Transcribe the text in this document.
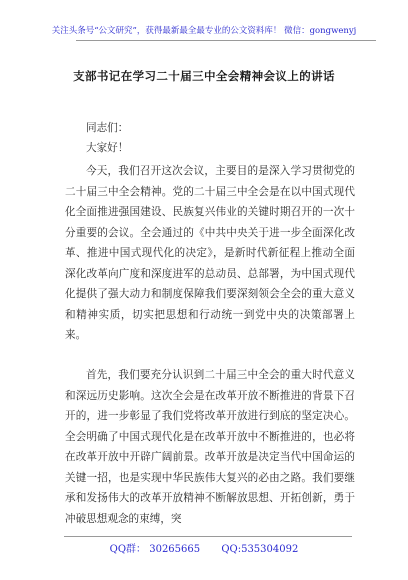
关注头条号“公文研究”，获得最新最全最专业的公文资料库！ 微信：gongwenyj
支部书记在学习二十届三中全会精神会议上的讲话
同志们：
大家好！

今天，我们召开这次会议，主要目的是深入学习贯彻党的二十届三中全会精神。党的二十届三中全会是在以中国式现代化全面推进强国建设、民族复兴伟业的关键时期召开的一次十分重要的会议。全会通过的《中共中央关于进一步全面深化改革、推进中国式现代化的决定》，是新时代新征程上推动全面深化改革向广度和深度进军的总动员、总部署，为中国式现代化提供了强大动力和制度保障我们要深刻领会全会的重大意义和精神实质，切实把思想和行动统一到党中央的决策部署上来。

首先，我们要充分认识到二十届三中全会的重大时代意义和深远历史影响。这次全会是在改革开放不断推进的背景下召开的，进一步彰显了我们党将改革开放进行到底的坚定决心。全会明确了中国式现代化是在改革开放中不断推进的，也必将在改革开放中开辟广阔前景。改革开放是决定当代中国命运的关键一招，也是实现中华民族伟大复兴的必由之路。我们要继承和发扬伟大的改革开放精神不断解放思想、开拓创新，勇于冲破思想观念的束缚，突

QQ群： 30265665 QQ:535304092
